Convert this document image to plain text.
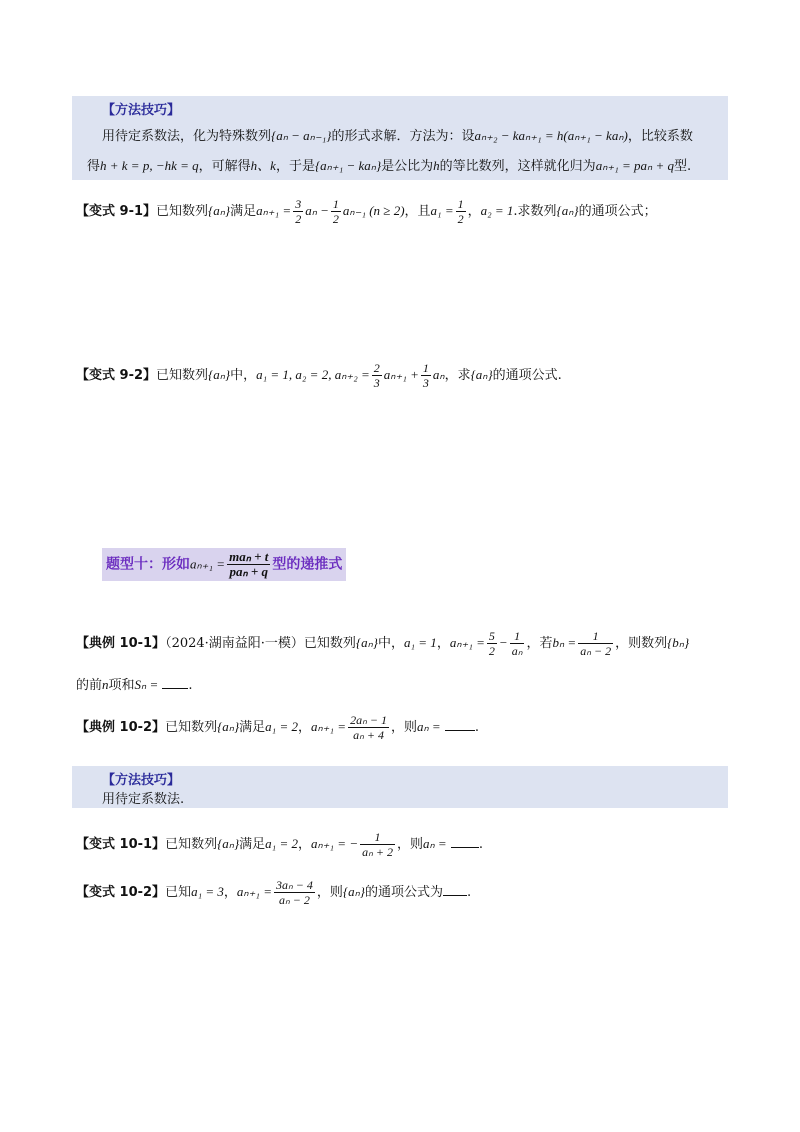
【方法技巧】
用待定系数法，化为特殊数列{aₙ − aₙ₋₁}的形式求解．方法为：设aₙ₊₂ − kaₙ₊₁ = h(aₙ₊₁ − kaₙ)，比较系数
得h + k = p, −hk = q，可解得h、k，于是{aₙ₊₁ − kaₙ}是公比为h的等比数列，这样就化归为aₙ₊₁ = paₙ + q型.
【变式 9-1】已知数列{aₙ}满足$a_{n+1} = \frac{3}{2}$ $a_n - \frac{1}{2} a_{n-1}$ (n ≥ 2)，且$a_1 = \frac{1}{2}$ ，a₂ = 1.求数列{aₙ}的通项公式；
【变式 9-2】已知数列{aₙ}中，a₁ = 1, a₂ = 2, $a_{n+2} = \frac{2}{3} a_{n+1} + \frac{1}{3}$ aₙ，求{aₙ}的通项公式.
题型十：形如$a_{n+1} = \frac{\text{maₙ + t}}{\text{paₙ + q}}$ 型的递推式
【典例 10-1】（2024·湖南益阳·一模）已知数列{aₙ}中，a₁ = 1，$a_{n+1} = \frac{5}{2} - \frac{1}{\text{aₙ}}$ ，若$b_n = \frac{1}{\text{aₙ − 2}}$ ，则数列{bₙ}
的前n项和Sₙ = .
【典例 10-2】已知数列{aₙ}满足a₁ = 2，$a_{n+1} = \frac{\text{2aₙ − 1}}{\text{aₙ + 4}}$ ，则aₙ =	.
【方法技巧】
用待定系数法.
【变式 10-1】已知数列{aₙ}满足a₁ = 2，aₙ₊₁ = − $\frac{1}{\text{aₙ + 2}}$ ，则aₙ = .
【变式 10-2】已知a₁ = 3，$a_{n+1} = \frac{\text{3aₙ − 4}}{\text{aₙ − 2}}$ ，则{aₙ}的通项公式为 .
